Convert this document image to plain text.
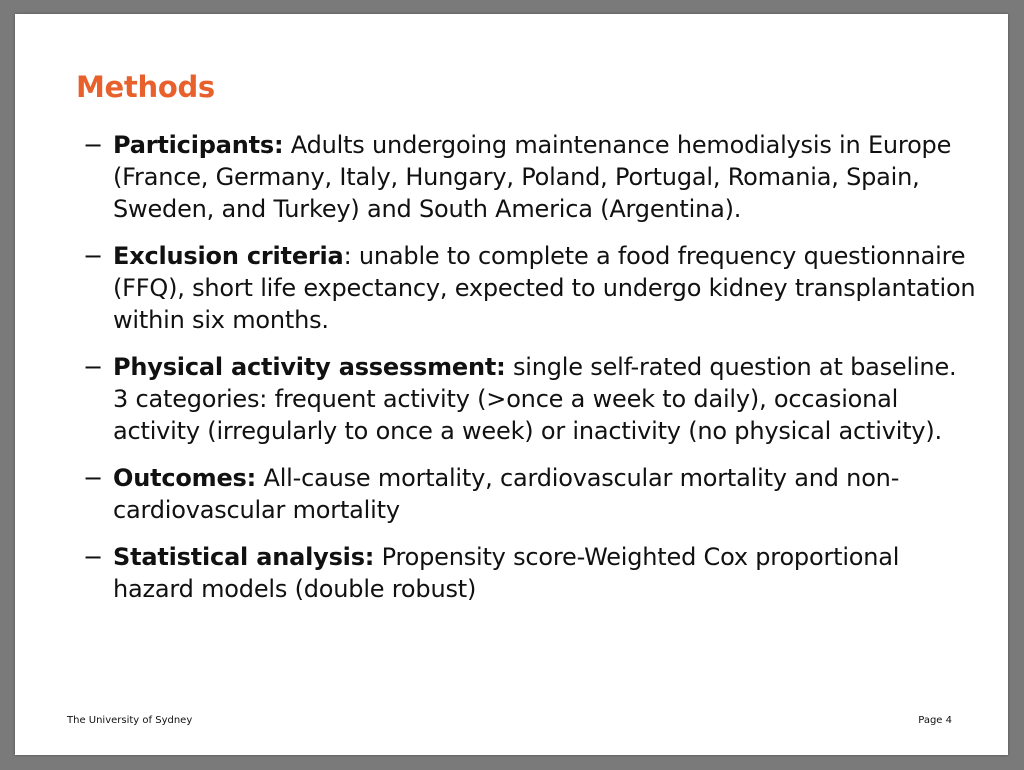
Methods
− Participants: Adults undergoing maintenance hemodialysis in Europe (France, Germany, Italy, Hungary, Poland, Portugal, Romania, Spain, Sweden, and Turkey) and South America (Argentina).
− Exclusion criteria: unable to complete a food frequency questionnaire (FFQ), short life expectancy, expected to undergo kidney transplantation within six months.
− Physical activity assessment: single self-rated question at baseline. 3 categories: frequent activity (>once a week to daily), occasional activity (irregularly to once a week) or inactivity (no physical activity).
− Outcomes: All-cause mortality, cardiovascular mortality and non-cardiovascular mortality
− Statistical analysis: Propensity score-Weighted Cox proportional hazard models (double robust)
The University of Sydney	Page 4
